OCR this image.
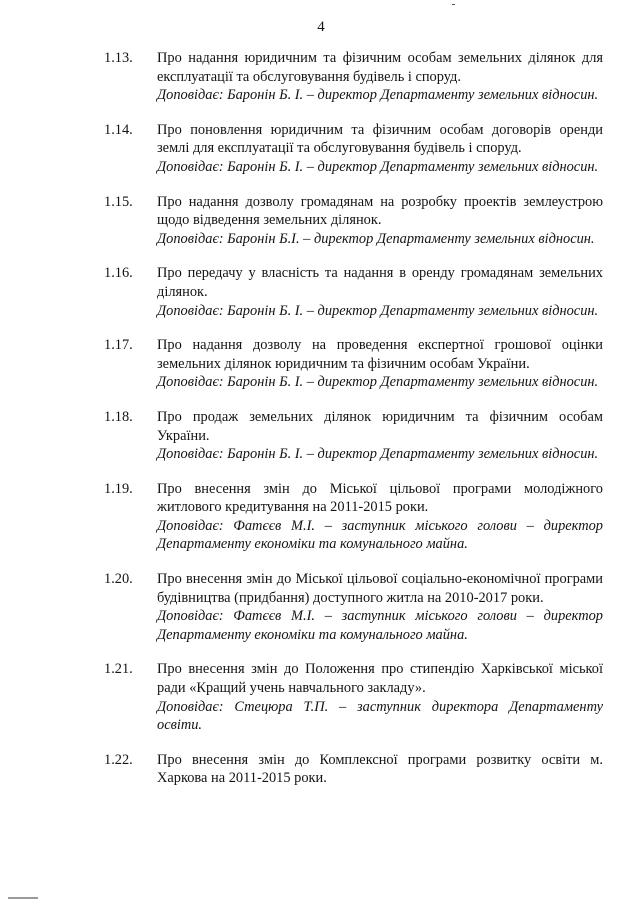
4
1.13.	Про надання юридичним та фізичним особам земельних ділянок для експлуатації та обслуговування будівель і споруд.
Доповідає: Баронін Б. І. – директор Департаменту земельних відносин.
1.14.	Про поновлення юридичним та фізичним особам договорів оренди землі для експлуатації та обслуговування будівель і споруд.
Доповідає: Баронін Б. І. – директор Департаменту земельних відносин.
1.15.	Про надання дозволу громадянам на розробку проектів землеустрою щодо відведення земельних ділянок.
Доповідає: Баронін Б.І. – директор Департаменту земельних відносин.
1.16.	Про передачу у власність та надання в оренду громадянам земельних ділянок.
Доповідає: Баронін Б. І. – директор Департаменту земельних відносин.
1.17.	Про надання дозволу на проведення експертної грошової оцінки земельних ділянок юридичним та фізичним особам України.
Доповідає: Баронін Б. І. – директор Департаменту земельних відносин.
1.18.	Про продаж земельних ділянок юридичним та фізичним особам України.
Доповідає: Баронін Б. І. – директор Департаменту земельних відносин.
1.19.	Про внесення змін до Міської цільової програми молодіжного житлового кредитування на 2011-2015 роки.
Доповідає: Фатєєв М.І. – заступник міського голови – директор Департаменту економіки та комунального майна.
1.20.	Про внесення змін до Міської цільової соціально-економічної програми будівництва (придбання) доступного житла на 2010-2017 роки.
Доповідає: Фатєєв М.І. – заступник міського голови – директор Департаменту економіки та комунального майна.
1.21.	Про внесення змін до Положення про стипендію Харківської міської ради «Кращий учень навчального закладу».
Доповідає: Стецюра Т.П. – заступник директора Департаменту освіти.
1.22.	Про внесення змін до Комплексної програми розвитку освіти м. Харкова на 2011-2015 роки.
